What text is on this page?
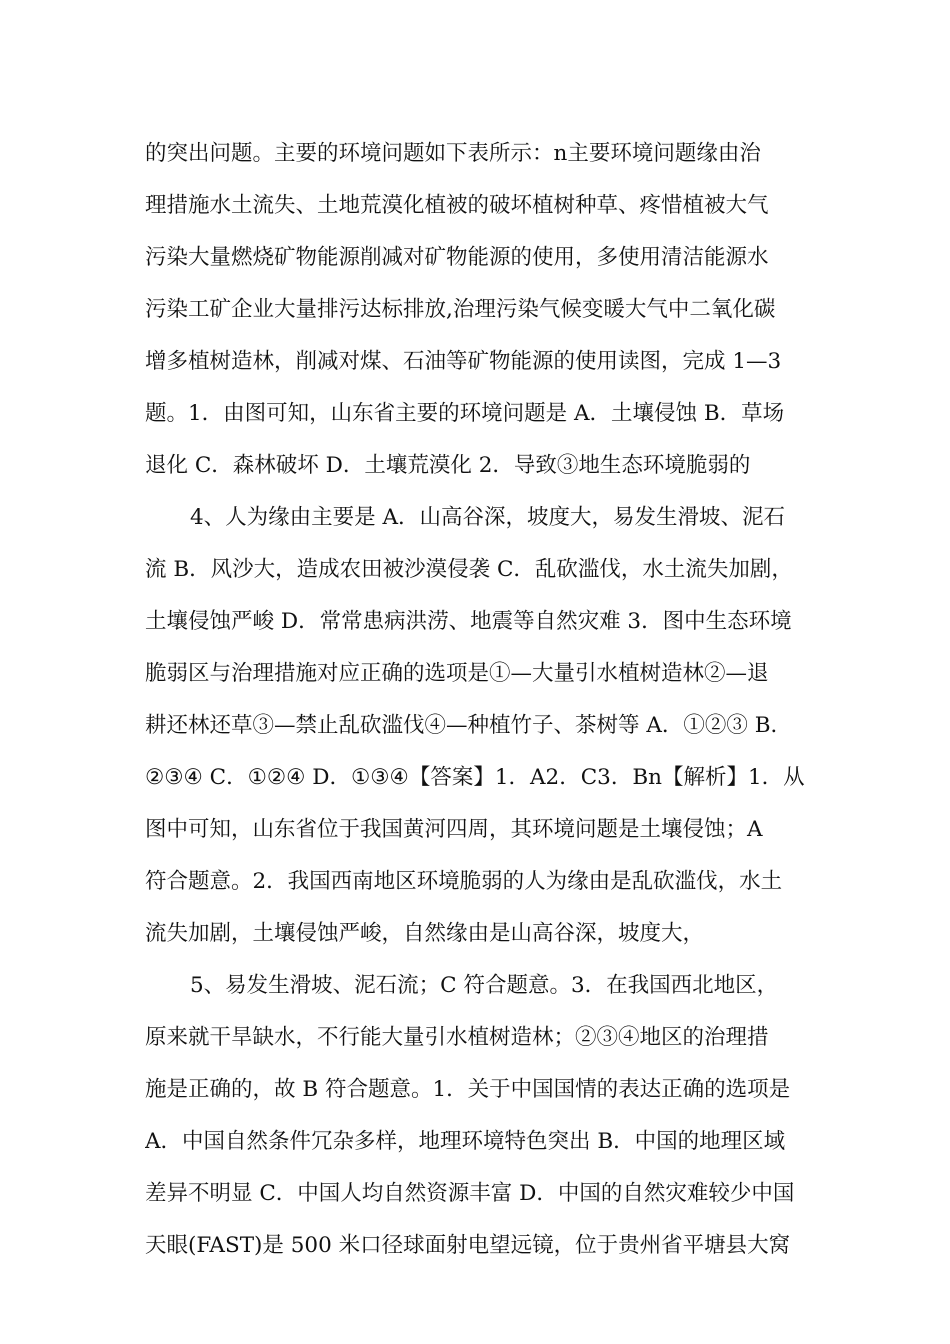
的突出问题。主要的环境问题如下表所示：n主要环境问题缘由治
理措施水土流失、土地荒漠化植被的破坏植树种草、疼惜植被大气
污染大量燃烧矿物能源削减对矿物能源的使用，多使用清洁能源水
污染工矿企业大量排污达标排放,治理污染气候变暖大气中二氧化碳
增多植树造林，削减对煤、石油等矿物能源的使用读图，完成 1—3
题。1．由图可知，山东省主要的环境问题是 A．土壤侵蚀 B．草场
退化 C．森林破坏 D．土壤荒漠化 2．导致③地生态环境脆弱的
4、人为缘由主要是 A．山高谷深，坡度大，易发生滑坡、泥石
流 B．风沙大，造成农田被沙漠侵袭 C．乱砍滥伐，水土流失加剧，
土壤侵蚀严峻 D．常常患病洪涝、地震等自然灾难 3．图中生态环境
脆弱区与治理措施对应正确的选项是①—大量引水植树造林②—退
耕还林还草③—禁止乱砍滥伐④—种植竹子、茶树等 A．①②③ B．
②③④ C．①②④ D．①③④【答案】1．A2．C3．Bn【解析】1．从
图中可知，山东省位于我国黄河四周，其环境问题是土壤侵蚀；A
符合题意。2．我国西南地区环境脆弱的人为缘由是乱砍滥伐，水土
流失加剧，土壤侵蚀严峻，自然缘由是山高谷深，坡度大，
5、易发生滑坡、泥石流；C 符合题意。3．在我国西北地区，
原来就干旱缺水，不行能大量引水植树造林；②③④地区的治理措
施是正确的，故 B 符合题意。1．关于中国国情的表达正确的选项是
A．中国自然条件冗杂多样，地理环境特色突出 B．中国的地理区域
差异不明显 C．中国人均自然资源丰富 D．中国的自然灾难较少中国
天眼(FAST)是 500 米口径球面射电望远镜，位于贵州省平塘县大窝
